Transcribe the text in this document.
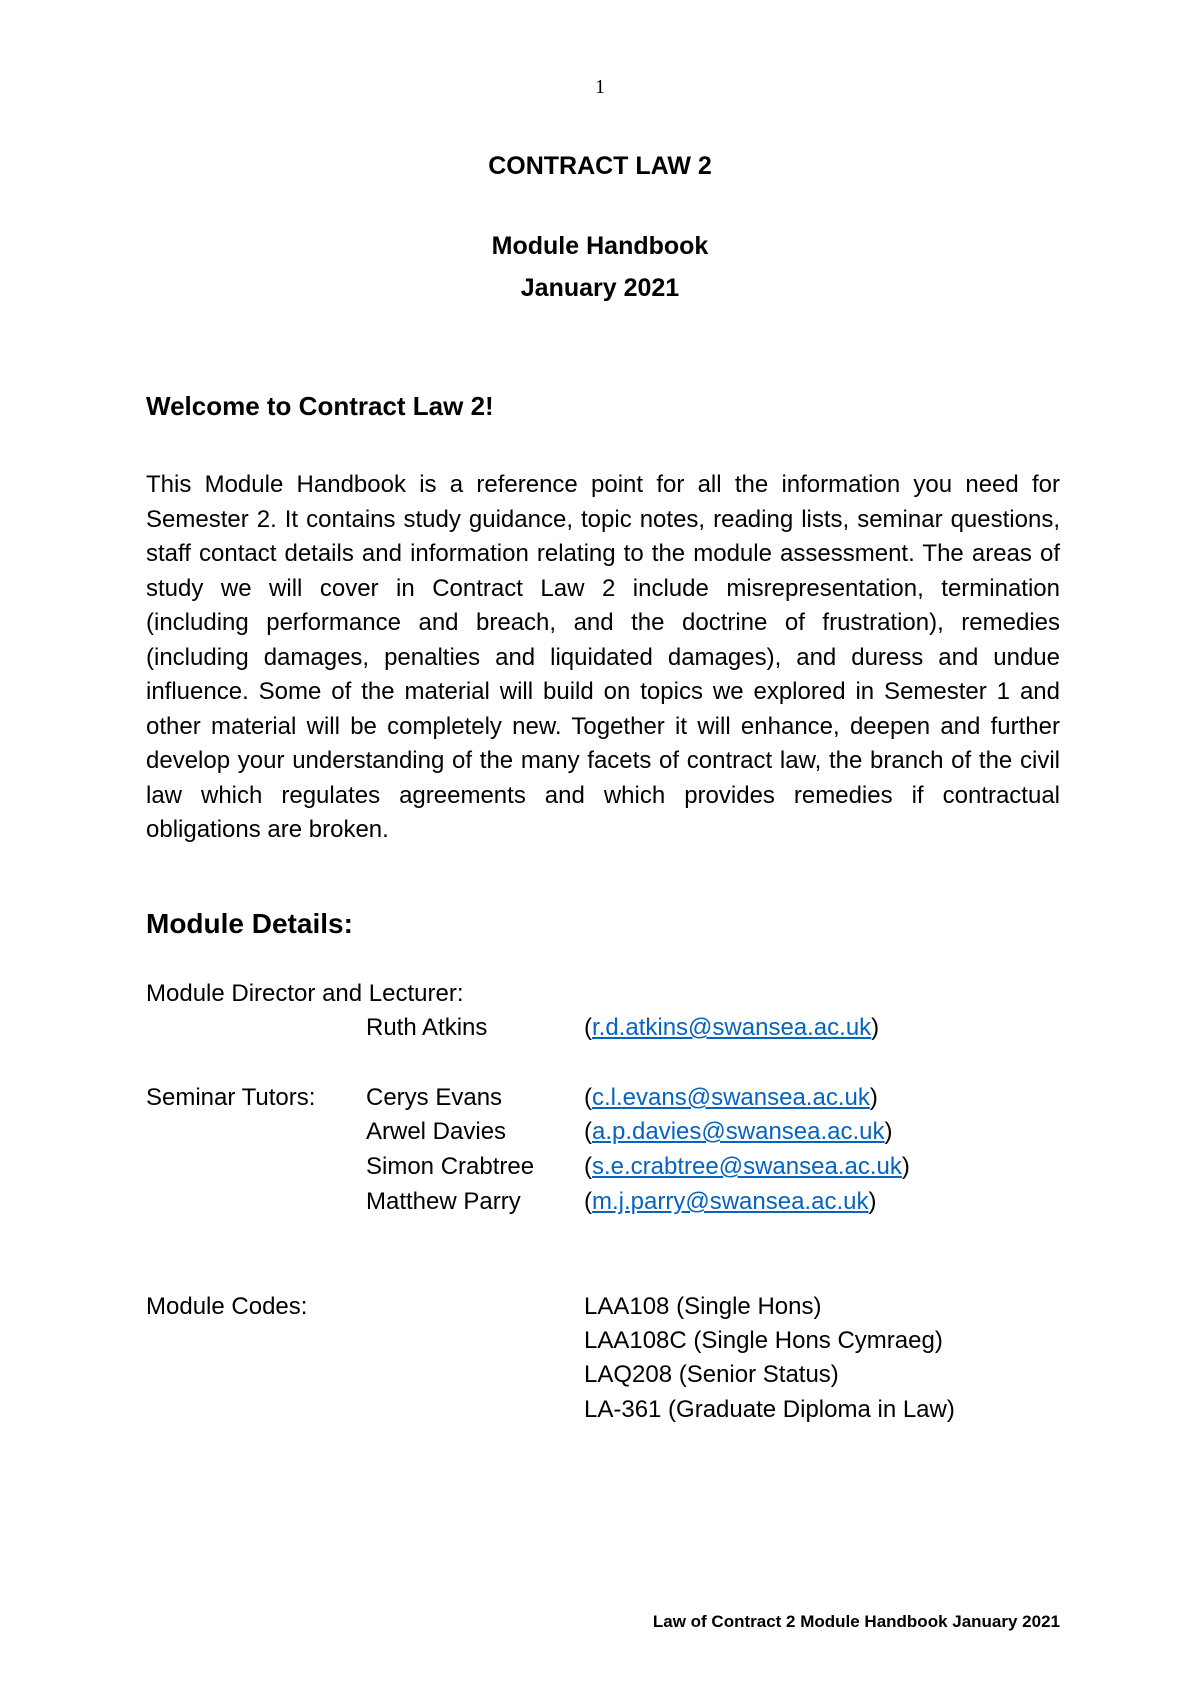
1
CONTRACT LAW 2
Module Handbook
January 2021
Welcome to Contract Law 2!

This Module Handbook is a reference point for all the information you need for Semester 2. It contains study guidance, topic notes, reading lists, seminar questions, staff contact details and information relating to the module assessment. The areas of study we will cover in Contract Law 2 include misrepresentation, termination (including performance and breach, and the doctrine of frustration), remedies (including damages, penalties and liquidated damages), and duress and undue influence. Some of the material will build on topics we explored in Semester 1 and other material will be completely new. Together it will enhance, deepen and further develop your understanding of the many facets of contract law, the branch of the civil law which regulates agreements and which provides remedies if contractual obligations are broken.

Module Details:
Module Director and Lecturer:
Ruth Atkins	(r.d.atkins@swansea.ac.uk)
Seminar Tutors: Cerys Evans	(c.l.evans@swansea.ac.uk)
Arwel Davies	(a.p.davies@swansea.ac.uk)
Simon Crabtree (s.e.crabtree@swansea.ac.uk)
Matthew Parry	(m.j.parry@swansea.ac.uk)
Module Codes:	LAA108 (Single Hons)
LAA108C (Single Hons Cymraeg)
LAQ208 (Senior Status)
LA-361 (Graduate Diploma in Law)
Law of Contract 2 Module Handbook January 2021
